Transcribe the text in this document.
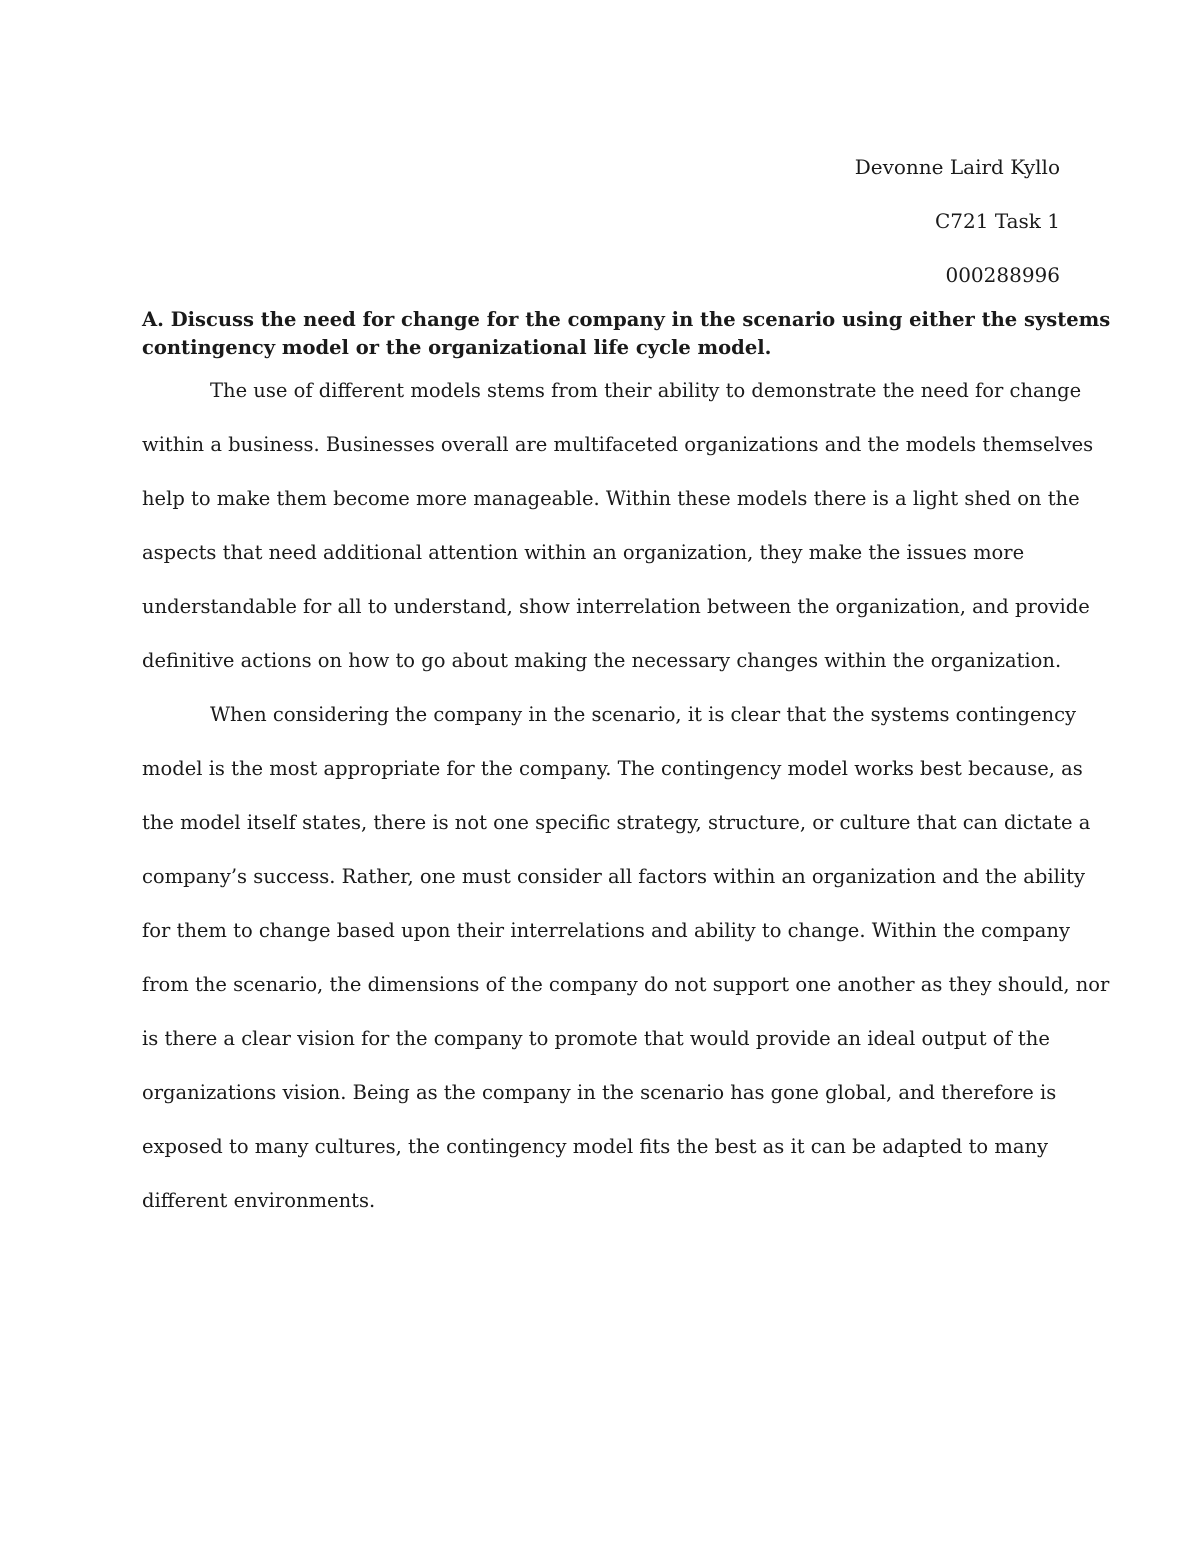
Devonne Laird Kyllo
C721 Task 1
000288996
A. Discuss the need for change for the company in the scenario using either the systems
contingency model or the organizational life cycle model.
The use of different models stems from their ability to demonstrate the need for change
within a business. Businesses overall are multifaceted organizations and the models themselves
help to make them become more manageable. Within these models there is a light shed on the
aspects that need additional attention within an organization, they make the issues more
understandable for all to understand, show interrelation between the organization, and provide
definitive actions on how to go about making the necessary changes within the organization.
When considering the company in the scenario, it is clear that the systems contingency
model is the most appropriate for the company. The contingency model works best because, as
the model itself states, there is not one specific strategy, structure, or culture that can dictate a
company’s success. Rather, one must consider all factors within an organization and the ability
for them to change based upon their interrelations and ability to change. Within the company
from the scenario, the dimensions of the company do not support one another as they should, nor
is there a clear vision for the company to promote that would provide an ideal output of the
organizations vision. Being as the company in the scenario has gone global, and therefore is
exposed to many cultures, the contingency model fits the best as it can be adapted to many
different environments.
